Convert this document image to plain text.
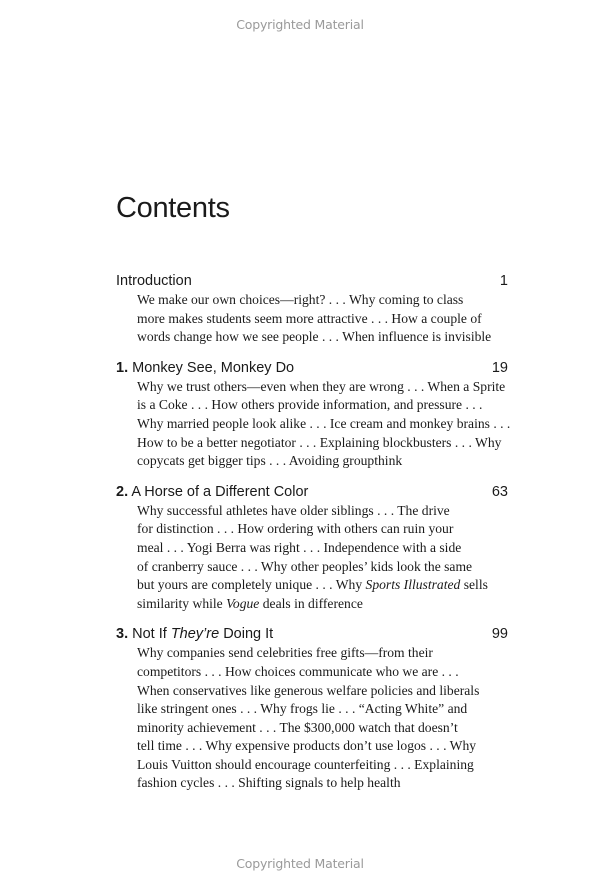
Copyrighted Material
Contents
Introduction	1

We make our own choices—right? . . . Why coming to class

more makes students seem more attractive . . . How a couple of

words change how we see people . . . When influence is invisible

1. Monkey See, Monkey Do	19

Why we trust others—even when they are wrong . . . When a Sprite

is a Coke . . . How others provide information, and pressure . . .

Why married people look alike . . . Ice cream and monkey brains . . .

How to be a better negotiator . . . Explaining blockbusters . . . Why

copycats get bigger tips . . . Avoiding groupthink

2. A Horse of a Different Color	63

Why successful athletes have older siblings . . . The drive

for distinction . . . How ordering with others can ruin your

meal . . . Yogi Berra was right . . . Independence with a side

of cranberry sauce . . . Why other peoples’ kids look the same

but yours are completely unique . . . Why Sports Illustrated sells

similarity while Vogue deals in difference

3. Not If They’re Doing It	99

Why companies send celebrities free gifts—from their

competitors . . . How choices communicate who we are . . .

When conservatives like generous welfare policies and liberals

like stringent ones . . . Why frogs lie . . . “Acting White” and

minority achievement . . . The $300,000 watch that doesn’t

tell time . . . Why expensive products don’t use logos . . . Why

Louis Vuitton should encourage counterfeiting . . . Explaining

fashion cycles . . . Shifting signals to help health

Copyrighted Material
